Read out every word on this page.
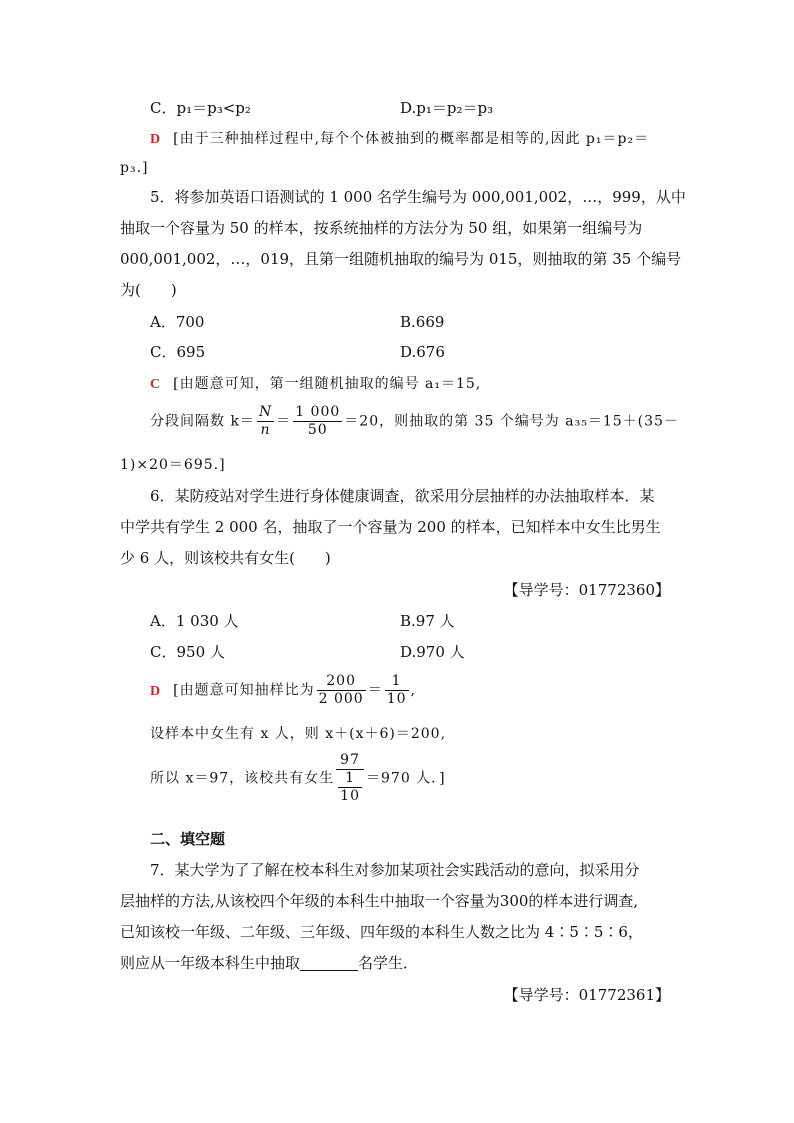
C．p₁＝p₃<p₂	D.p₁＝p₂＝p₃
D [由于三种抽样过程中,每个个体被抽到的概率都是相等的,因此 p₁＝p₂＝
p₃.]
5．将参加英语口语测试的 1 000 名学生编号为 000,001,002，…，999，从中
抽取一个容量为 50 的样本，按系统抽样的方法分为 50 组，如果第一组编号为
000,001,002，…，019，且第一组随机抽取的编号为 015，则抽取的第 35 个编号
为(　　)
A．700	B.669
C．695	D.676
C [由题意可知，第一组随机抽取的编号 a₁＝15,
分段间隔数 $k= \frac{N}{n} = \frac{1 000}{50} =20$，则抽取的第 35 个编号为 a₃₅＝15＋(35－
1)×20＝695.]
6．某防疫站对学生进行身体健康调查，欲采用分层抽样的办法抽取样本．某
中学共有学生 2 000 名，抽取了一个容量为 200 的样本，已知样本中女生比男生
少 6 人，则该校共有女生(　　)
【导学号：01772360】
A．1 030 人	B.97 人
C．950 人	D.970 人
D [由题意可知抽样比为 $\frac{200}{2 000} = \frac{1}{10}$ ,
设样本中女生有 x 人，则 x＋(x＋6)＝200,
所以 x＝97，该校共有女生 $\frac{97}{\frac{1}{10}} =970$ 人．]
二、填空题
7．某大学为了了解在校本科生对参加某项社会实践活动的意向，拟采用分
层抽样的方法,从该校四个年级的本科生中抽取一个容量为300的样本进行调查,
已知该校一年级、二年级、三年级、四年级的本科生人数之比为 4∶5∶5∶6，
则应从一年级本科生中抽取	名学生．
【导学号：01772361】
